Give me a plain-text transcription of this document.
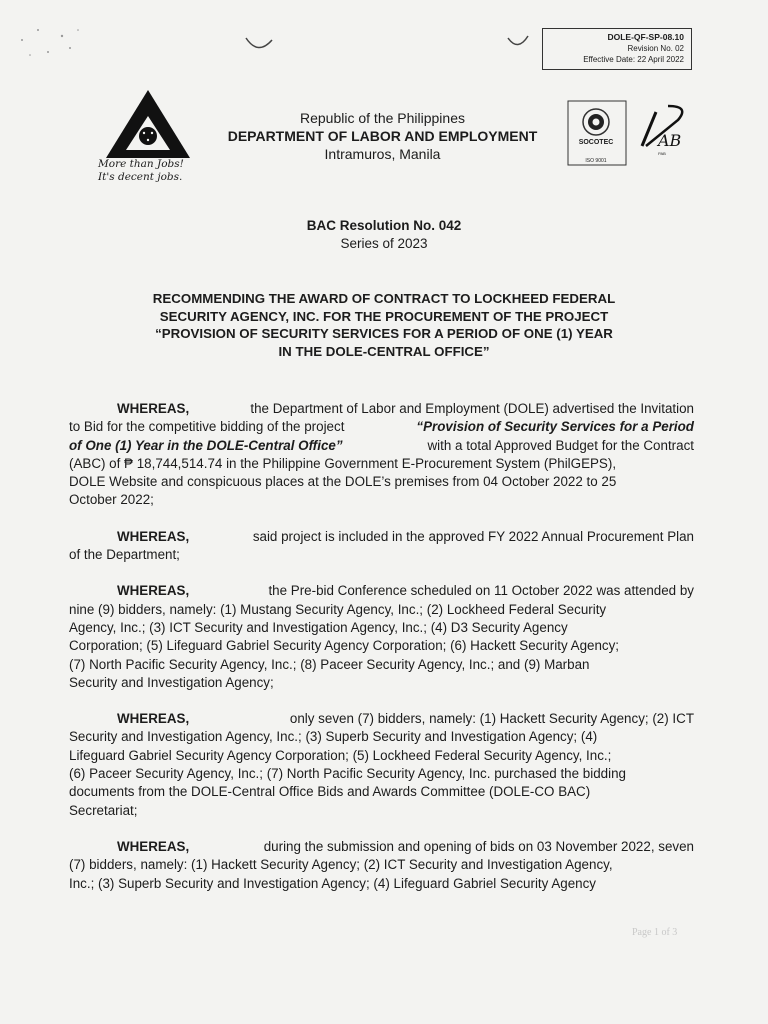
DOLE-QF-SP-08.10
Revision No. 02
Effective Date: 22 April 2022
More than Jobs!
It's decent jobs.
Republic of the Philippines
DEPARTMENT OF LABOR AND EMPLOYMENT
Intramuros, Manila
SOCOTEC
ISO 9001
AB
PAB
BAC Resolution No. 042
Series of 2023
RECOMMENDING THE AWARD OF CONTRACT TO LOCKHEED FEDERAL
SECURITY AGENCY, INC. FOR THE PROCUREMENT OF THE PROJECT
“PROVISION OF SECURITY SERVICES FOR A PERIOD OF ONE (1) YEAR
IN THE DOLE-CENTRAL OFFICE”
WHEREAS,	the Department of Labor and Employment (DOLE) advertised the Invitation
to Bid for the competitive bidding of the project	“Provision of Security Services for a Period
of One (1) Year in the DOLE-Central Office”	with a total Approved Budget for the Contract
(ABC) of ₱ 18,744,514.74 in the Philippine Government E-Procurement System (PhilGEPS),
DOLE Website and conspicuous places at the DOLE’s premises from 04 October 2022 to 25
October 2022;
WHEREAS,	said project is included in the approved FY 2022 Annual Procurement Plan
of the Department;
WHEREAS,	the Pre-bid Conference scheduled on 11 October 2022 was attended by
nine (9) bidders, namely: (1) Mustang Security Agency, Inc.; (2) Lockheed Federal Security
Agency, Inc.; (3) ICT Security and Investigation Agency, Inc.; (4) D3 Security Agency
Corporation; (5) Lifeguard Gabriel Security Agency Corporation; (6) Hackett Security Agency;
(7) North Pacific Security Agency, Inc.; (8) Paceer Security Agency, Inc.; and (9) Marban
Security and Investigation Agency;
WHEREAS,	only seven (7) bidders, namely: (1) Hackett Security Agency; (2) ICT
Security and Investigation Agency, Inc.; (3) Superb Security and Investigation Agency; (4)
Lifeguard Gabriel Security Agency Corporation; (5) Lockheed Federal Security Agency, Inc.;
(6) Paceer Security Agency, Inc.; (7) North Pacific Security Agency, Inc. purchased the bidding
documents from the DOLE-Central Office Bids and Awards Committee (DOLE-CO BAC)
Secretariat;
WHEREAS,	during the submission and opening of bids on 03 November 2022, seven
(7) bidders, namely: (1) Hackett Security Agency; (2) ICT Security and Investigation Agency,
Inc.; (3) Superb Security and Investigation Agency; (4) Lifeguard Gabriel Security Agency
Page 1 of 3
